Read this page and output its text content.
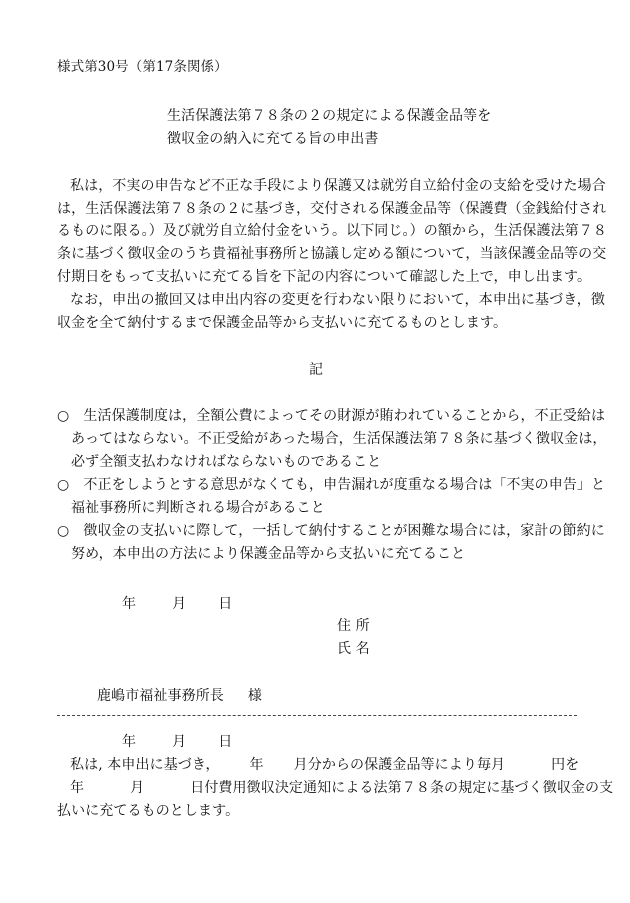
様式第30号（第17条関係）
生活保護法第７８条の２の規定による保護金品等を
徴収金の納入に充てる旨の申出書
私は，不実の申告など不正な手段により保護又は就労自立給付金の支給を受けた場合
は，生活保護法第７８条の２に基づき，交付される保護金品等（保護費（金銭給付され
るものに限る。）及び就労自立給付金をいう。以下同じ。）の額から，生活保護法第７８
条に基づく徴収金のうち貴福祉事務所と協議し定める額について，当該保護金品等の交
付期日をもって支払いに充てる旨を下記の内容について確認した上で，申し出ます。
なお，申出の撤回又は申出内容の変更を行わない限りにおいて，本申出に基づき，徴
収金を全て納付するまで保護金品等から支払いに充てるものとします。
記
○　生活保護制度は，全額公費によってその財源が賄われていることから，不正受給は
あってはならない。不正受給があった場合，生活保護法第７８条に基づく徴収金は，
必ず全額支払わなければならないものであること
○　不正をしようとする意思がなくても，申告漏れが度重なる場合は「不実の申告」と
福祉事務所に判断される場合があること
○　徴収金の支払いに際して，一括して納付することが困難な場合には，家計の節約に
努め，本申出の方法により保護金品等から支払いに充てること
年	月 日
住 所
氏 名
鹿嶋市福祉事務所長 様
年	月 日
私は, 本申出に基づき， 年 月分からの保護金品等により毎月	円を
年	月	日付費用徴収決定通知による法第７８条の規定に基づく徴収金の支
払いに充てるものとします。
